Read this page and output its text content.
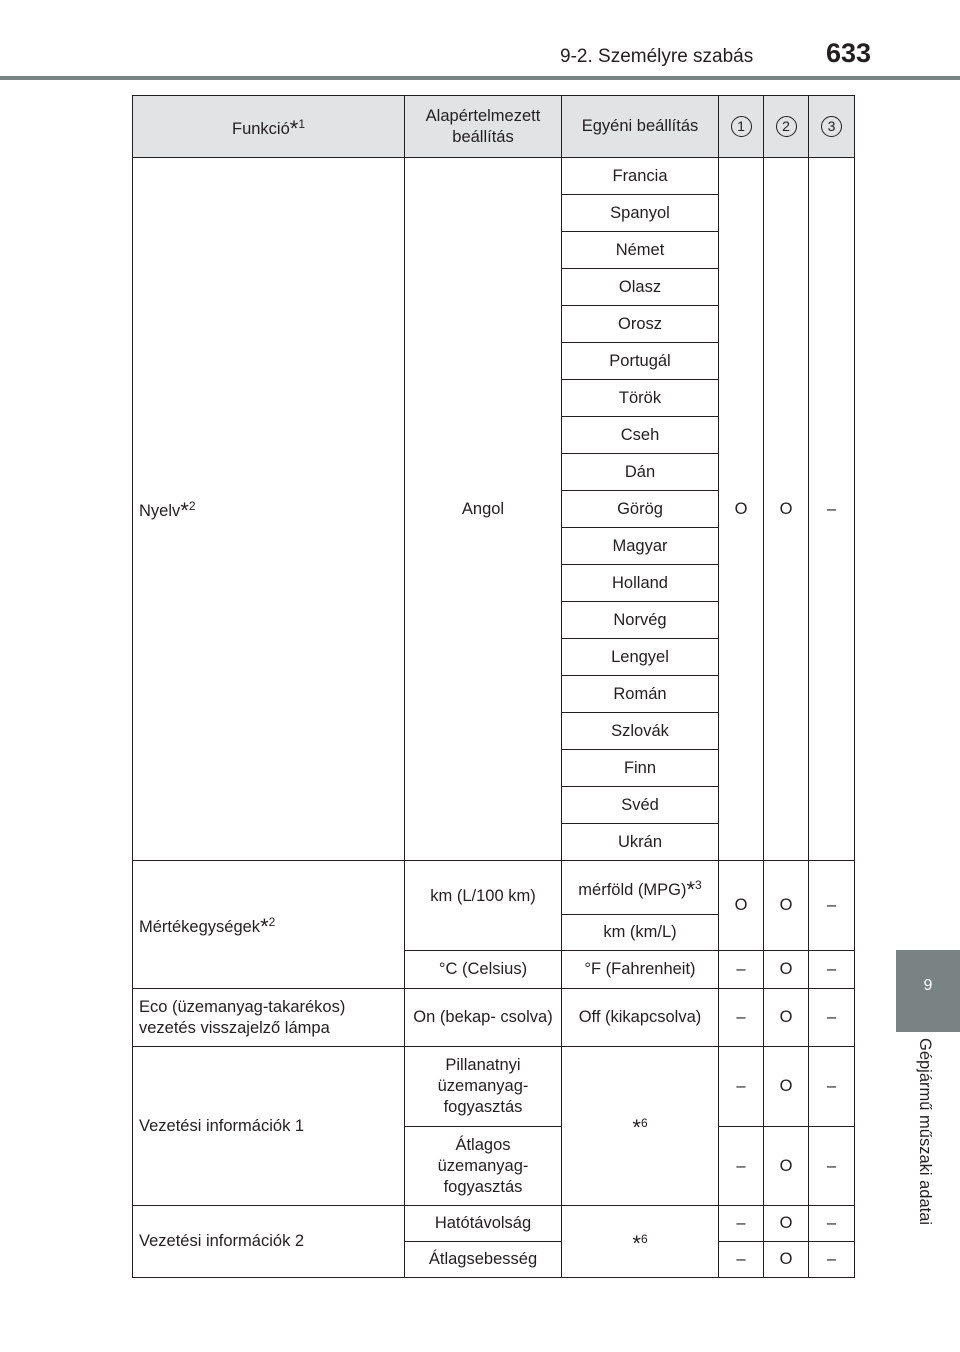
9-2. Személyre szabás	633
9
Gépjármű műszaki adatai
Funkció$^{*1}$	Alapértelmezett beállítás	Egyéni beállítás	1	2	3
Nyelv$^{*2}$	Angol	Francia	O	O	–
		Spanyol			
		Német			
		Olasz			
		Orosz			
		Portugál			
		Török			
		Cseh			
		Dán			
		Görög			
		Magyar			
		Holland			
		Norvég			
		Lengyel			
		Román			
		Szlovák			
		Finn			
		Svéd			
		Ukrán			
Mértékegységek$^{*2}$	km (L/100 km)	mérföld (MPG)$^{*3}$	O	O	–
		km (km/L)			
	°C (Celsius)	°F (Fahrenheit)	–	O	–
Eco (üzemanyag-takarékos) vezetés visszajelző lámpa	On (bekap- csolva)	Off (kikapcsolva)	–	O	–
Vezetési információk 1	Pillanatnyi üzemanyag- fogyasztás	$^{*6}$	–	O	–
	Átlagos üzemanyag- fogyasztás		–	O	–
Vezetési információk 2	Hatótávolság	$^{*6}$	–	O	–
	Átlagsebesség		–	O	–
